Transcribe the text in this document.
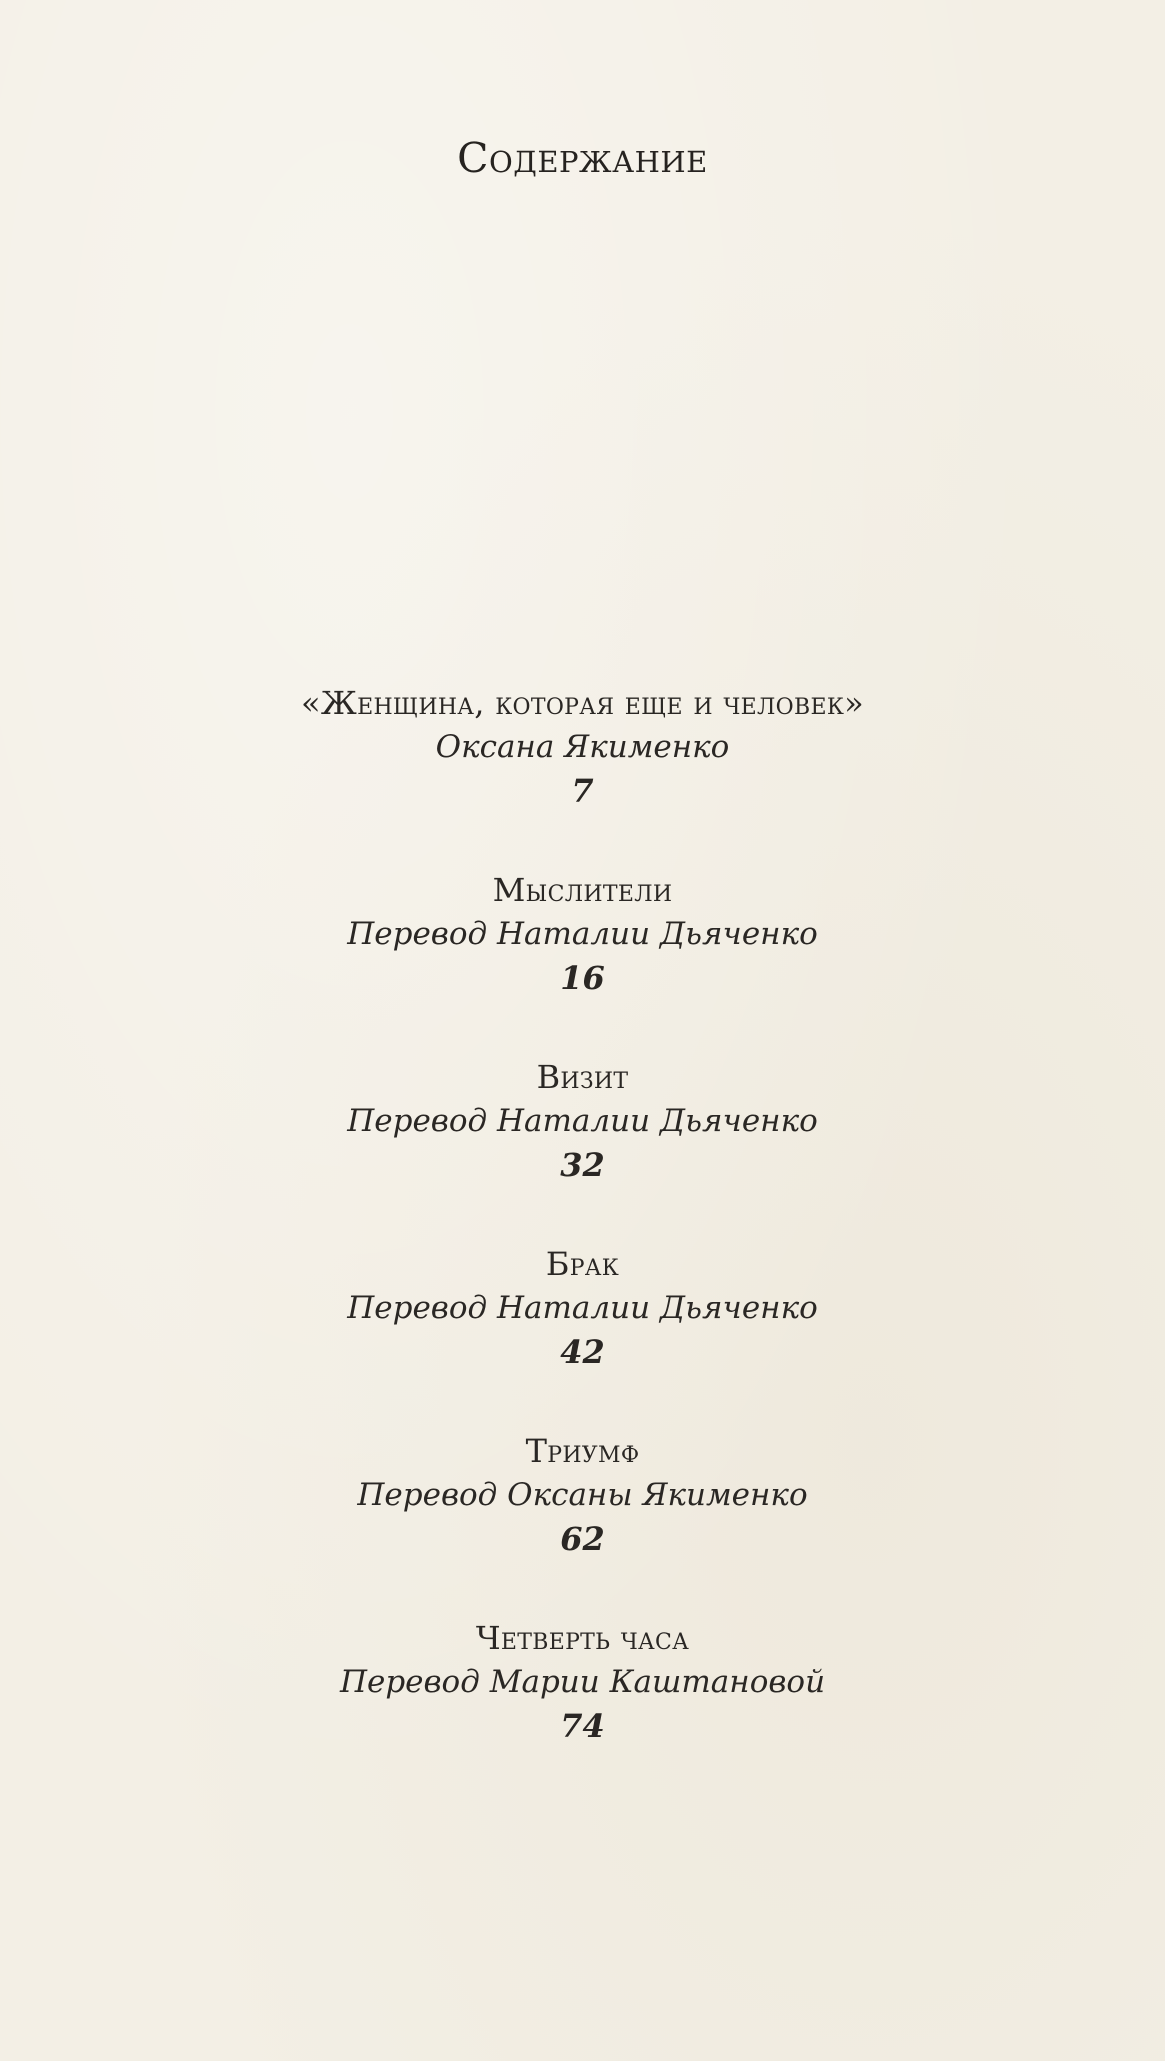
Содержание
«Женщина, которая еще и человек»
Оксана Якименко
7
Мыслители
Перевод Наталии Дьяченко
16
Визит
Перевод Наталии Дьяченко
32
Брак
Перевод Наталии Дьяченко
42
Триумф
Перевод Оксаны Якименко
62
Четверть часа
Перевод Марии Каштановой
74
